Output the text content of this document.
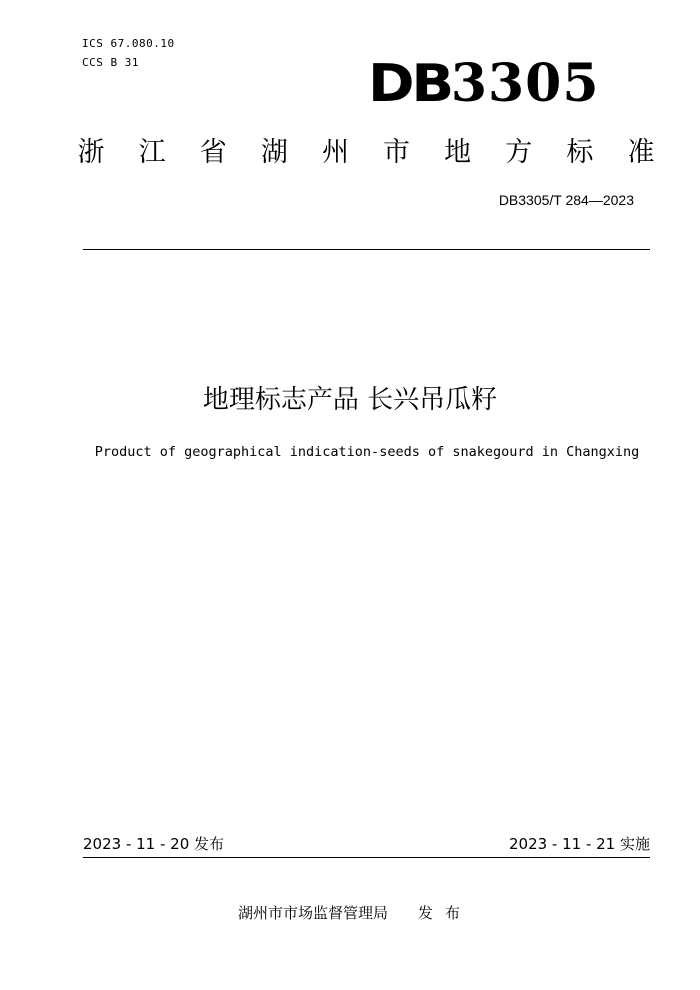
ICS 67.080.10
CCS B 31	DB3305
浙 江 省 湖 州 市 地 方 标 准
DB3305/T 284—2023
地理标志产品 长兴吊瓜籽
Product of geographical indication-seeds of snakegourd in Changxing
2023 - 11 - 20 发布	2023 - 11 - 21 实施
湖州市市场监督管理局 发布
